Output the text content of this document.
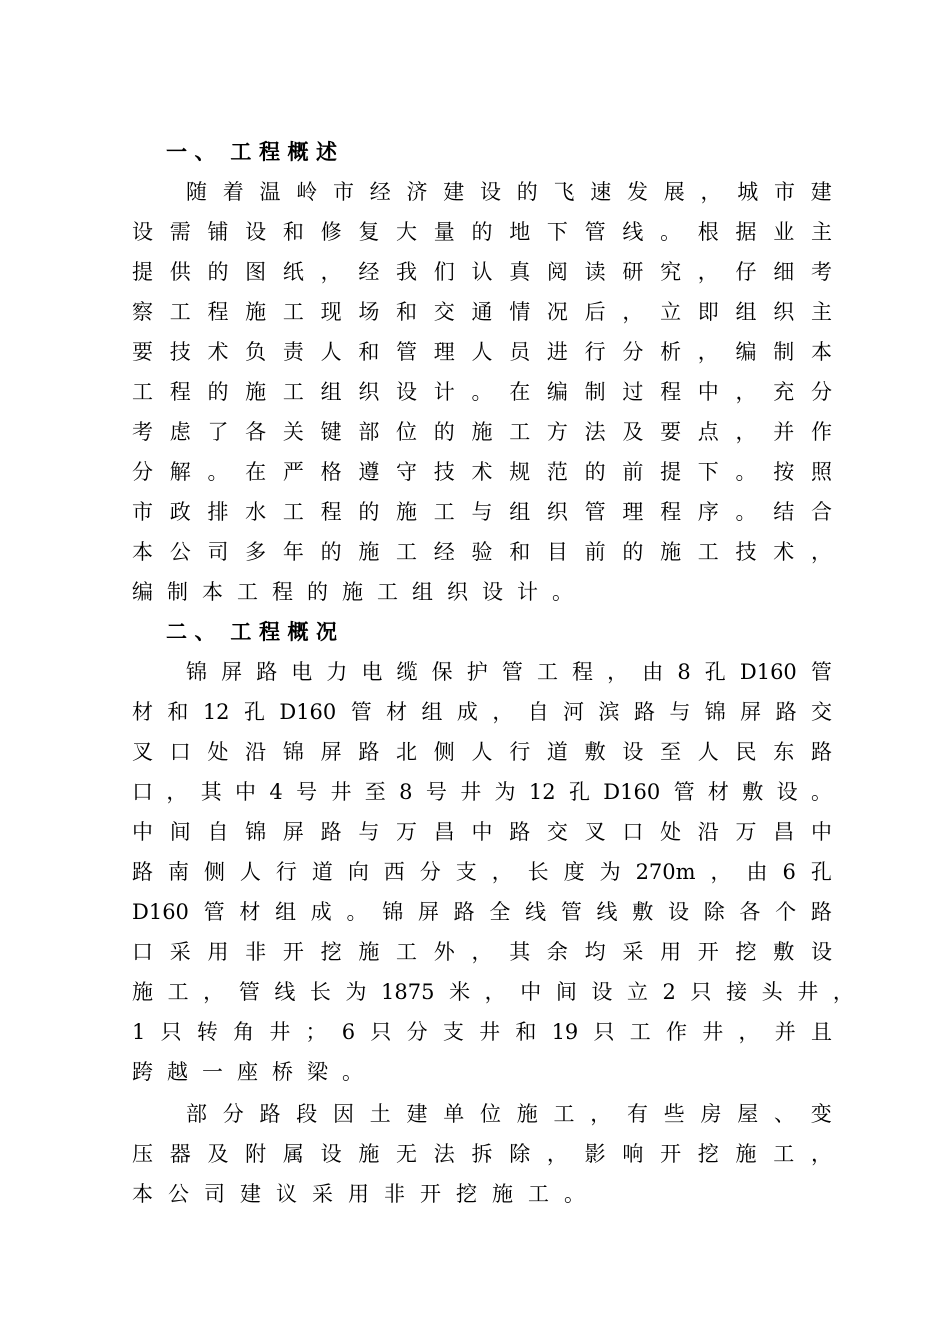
一 、  工 程 概 述
随 着 温 岭 市 经 济 建 设 的 飞 速 发 展 ， 城 市 建
设 需 铺 设 和 修 复 大 量 的 地 下 管 线 。 根 据 业 主
提 供 的 图 纸 ， 经 我 们 认 真 阅 读 研 究 ， 仔 细 考
察 工 程 施 工 现 场 和 交 通 情 况 后 ， 立 即 组 织 主
要 技 术 负 责 人 和 管 理 人 员 进 行 分 析 ， 编 制 本
工 程 的 施 工 组 织 设 计 。 在 编 制 过 程 中 ， 充 分
考 虑 了 各 关 键 部 位 的 施 工 方 法 及 要 点 ， 并 作
分 解 。 在 严 格 遵 守 技 术 规 范 的 前 提 下 。 按 照
市 政 排 水 工 程 的 施 工 与 组 织 管 理 程 序 。 结 合
本 公 司 多 年 的 施 工 经 验 和 目 前 的 施 工 技 术 ，
编制本工程的施工组织设计。
二 、  工 程 概 况
锦 屏 路 电 力 电 缆 保 护 管 工 程 ， 由 8 孔 D160 管
材 和 12 孔 D160 管 材 组 成 ， 自 河 滨 路 与 锦 屏 路 交
叉 口 处 沿 锦 屏 路 北 侧 人 行 道 敷 设 至 人 民 东 路
口 ， 其 中 4 号 井 至 8 号 井 为 12 孔 D160 管 材 敷 设 。
中 间 自 锦 屏 路 与 万 昌 中 路 交 叉 口 处 沿 万 昌 中
路 南 侧 人 行 道 向 西 分 支 ， 长 度 为 270m ， 由 6 孔
D160 管 材 组 成 。 锦 屏 路 全 线 管 线 敷 设 除 各 个 路
口 采 用 非 开 挖 施 工 外 ， 其 余 均 采 用 开 挖 敷 设
施 工 ， 管 线 长 为 1875 米 ， 中 间 设 立 2 只 接 头 井 ，
1 只 转 角 井 ； 6 只 分 支 井 和 19 只 工 作 井 ， 并 且
跨越一座桥梁。
部 分 路 段 因 土 建 单 位 施 工 ， 有 些 房 屋 、 变
压 器 及 附 属 设 施 无 法 拆 除 ， 影 响 开 挖 施 工 ，
本公司建议采用非开挖施工。
